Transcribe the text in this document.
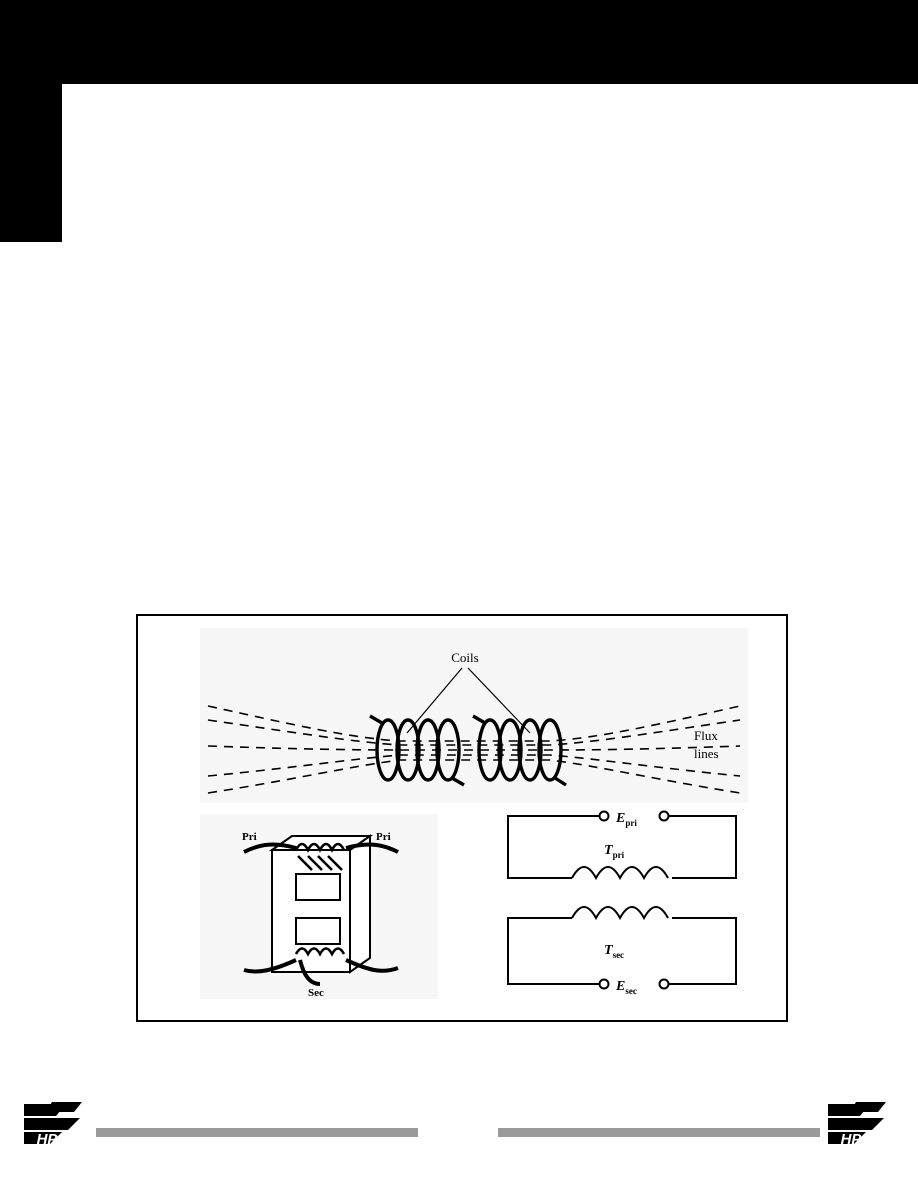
Coils
Flux
lines
Pri	Pri
Sec
$E_{pri}$
$T_{pri}$
$T_{sec}$
$E_{sec}$
HPS	HPS
